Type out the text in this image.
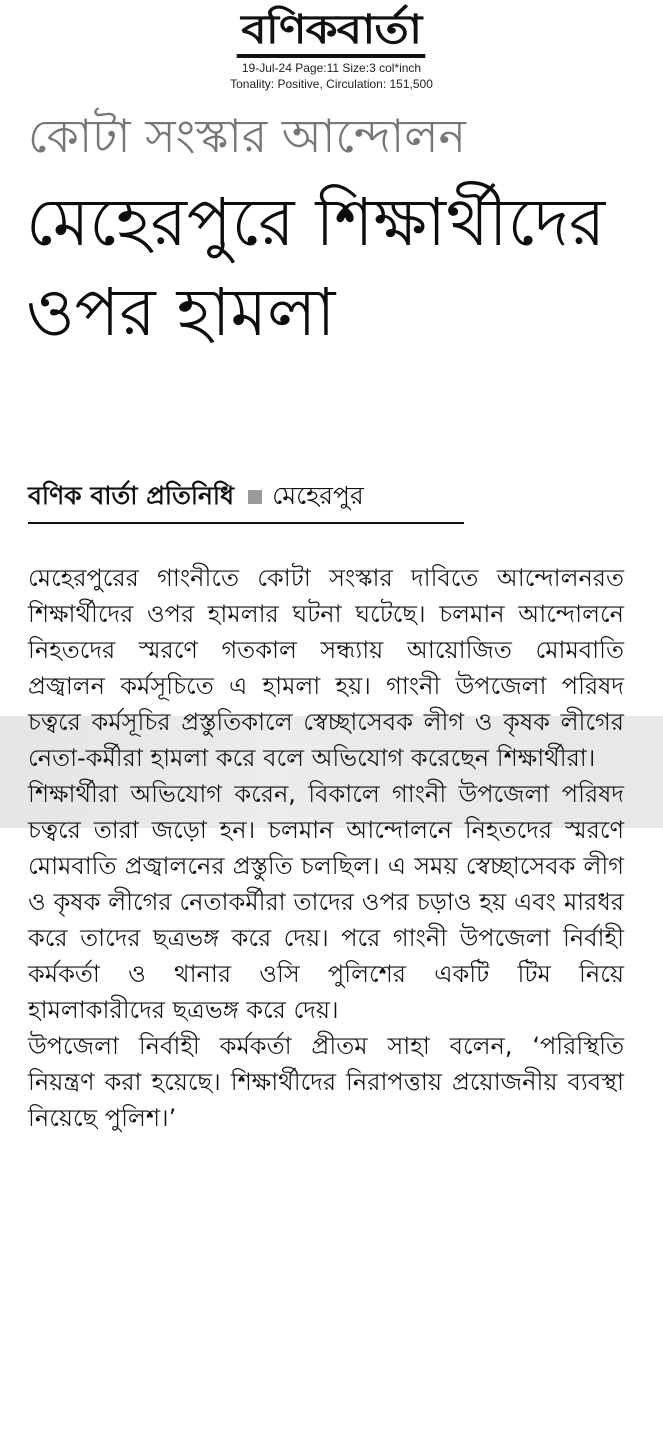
বণিকবার্তা
19-Jul-24 Page:11 Size:3 col*inch
Tonality: Positive, Circulation: 151,500
কোটা সংস্কার আন্দোলন
মেহেরপুরে শিক্ষার্থীদের ওপর হামলা
বণিক বার্তা প্রতিনিধি মেহেরপুর

মেহেরপুরের গাংনীতে কোটা সংস্কার দাবিতে আন্দোলনরত শিক্ষার্থীদের ওপর হামলার ঘটনা ঘটেছে। চলমান আন্দোলনে নিহতদের স্মরণে গতকাল সন্ধ্যায় আয়োজিত মোমবাতি প্রজ্বালন কর্মসূচিতে এ হামলা হয়। গাংনী উপজেলা পরিষদ চত্বরে কর্মসূচির প্রস্তুতিকালে স্বেচ্ছাসেবক লীগ ও কৃষক লীগের নেতা-কর্মীরা হামলা করে বলে অভিযোগ করেছেন শিক্ষার্থীরা।

শিক্ষার্থীরা অভিযোগ করেন, বিকালে গাংনী উপজেলা পরিষদ চত্বরে তারা জড়ো হন। চলমান আন্দোলনে নিহতদের স্মরণে মোমবাতি প্রজ্বালনের প্রস্তুতি চলছিল। এ সময় স্বেচ্ছাসেবক লীগ ও কৃষক লীগের নেতাকর্মীরা তাদের ওপর চড়াও হয় এবং মারধর করে তাদের ছত্রভঙ্গ করে দেয়। পরে গাংনী উপজেলা নির্বাহী কর্মকর্তা ও থানার ওসি পুলিশের একটি টিম নিয়ে হামলাকারীদের ছত্রভঙ্গ করে দেয়।

উপজেলা নির্বাহী কর্মকর্তা প্রীতম সাহা বলেন, ‘পরিস্থিতি নিয়ন্ত্রণ করা হয়েছে। শিক্ষার্থীদের নিরাপত্তায় প্রয়োজনীয় ব্যবস্থা নিয়েছে পুলিশ।’
